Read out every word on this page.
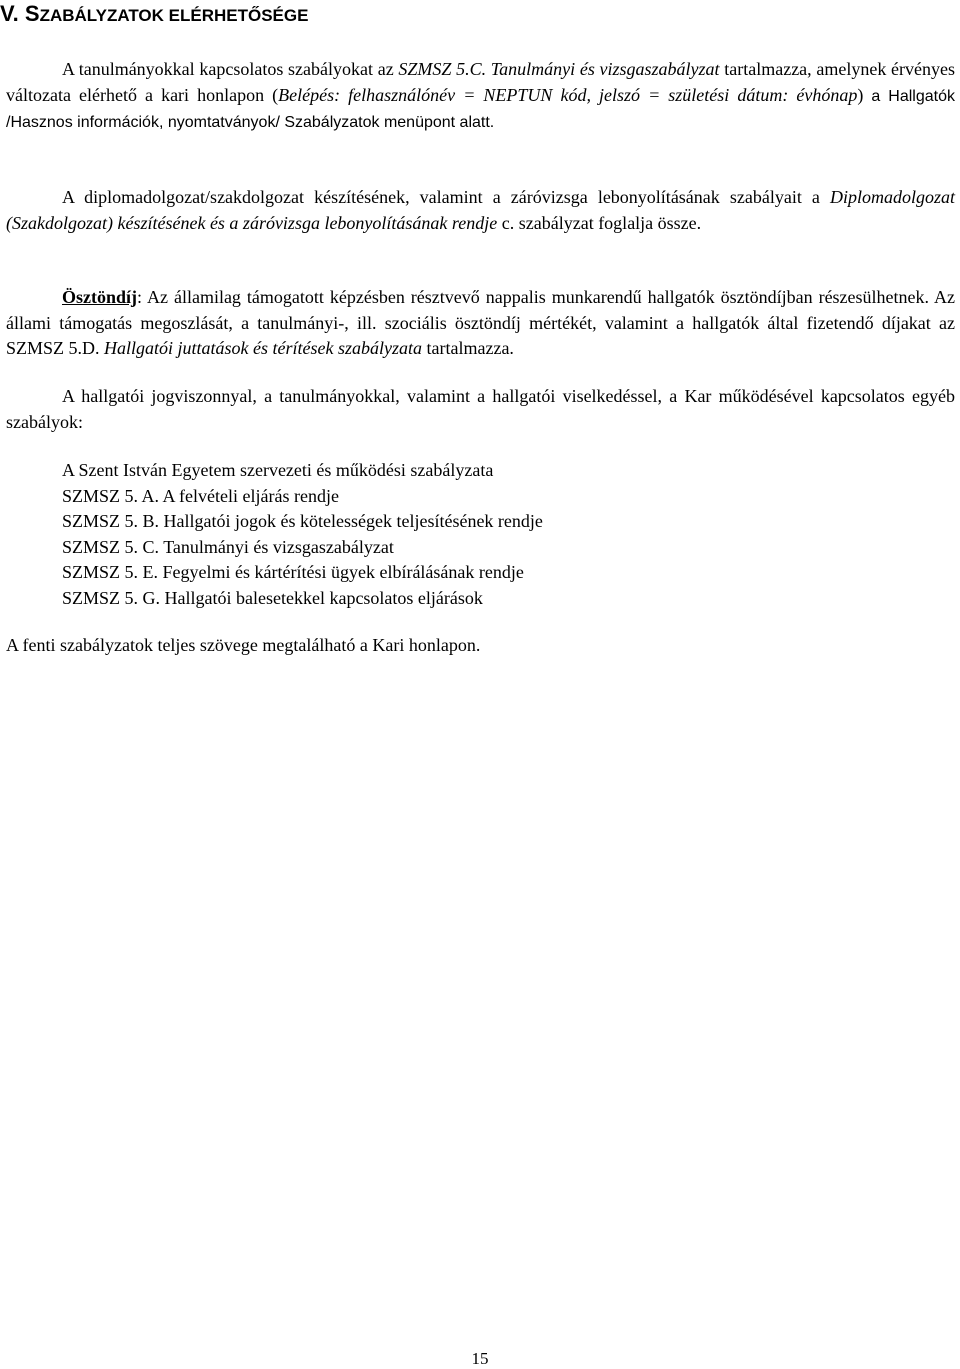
V. SZABÁLYZATOK ELÉRHETŐSÉGE

A tanulmányokkal kapcsolatos szabályokat az SZMSZ 5.C. Tanulmányi és vizsgaszabályzat tartalmazza, amelynek érvényes változata elérhető a kari honlapon (Belépés: felhasználónév = NEPTUN kód, jelszó = születési dátum: évhónap) a Hallgatók /Hasznos információk, nyomtatványok/ Szabályzatok menüpont alatt.

A diplomadolgozat/szakdolgozat készítésének, valamint a záróvizsga lebonyolításának szabályait a Diplomadolgozat (Szakdolgozat) készítésének és a záróvizsga lebonyolításának rendje c. szabályzat foglalja össze.

Ösztöndíj: Az államilag támogatott képzésben résztvevő nappalis munkarendű hallgatók ösztöndíjban részesülhetnek. Az állami támogatás megoszlását, a tanulmányi-, ill. szociális ösztöndíj mértékét, valamint a hallgatók által fizetendő díjakat az SZMSZ 5.D. Hallgatói juttatások és térítések szabályzata tartalmazza.

A hallgatói jogviszonnyal, a tanulmányokkal, valamint a hallgatói viselkedéssel, a Kar működésével kapcsolatos egyéb szabályok:

A Szent István Egyetem szervezeti és működési szabályzata
SZMSZ 5. A. A felvételi eljárás rendje
SZMSZ 5. B. Hallgatói jogok és kötelességek teljesítésének rendje
SZMSZ 5. C. Tanulmányi és vizsgaszabályzat
SZMSZ 5. E. Fegyelmi és kártérítési ügyek elbírálásának rendje
SZMSZ 5. G. Hallgatói balesetekkel kapcsolatos eljárások

A fenti szabályzatok teljes szövege megtalálható a Kari honlapon.

15
